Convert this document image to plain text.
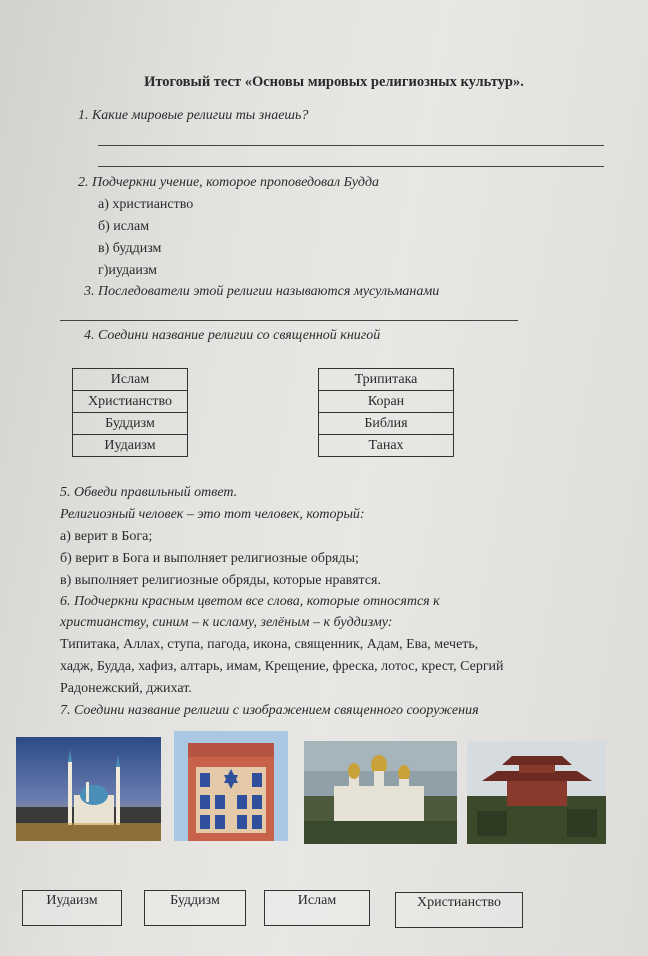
Итоговый тест «Основы мировых религиозных культур».
1. Какие мировые религии ты знаешь?
2. Подчеркни учение, которое проповедовал Будда
а) христианство
б) ислам
в) буддизм
г)иудаизм
3. Последователи этой религии называются мусульманами
4. Соедини название религии со священной книгой
Ислам
Христианство
Буддизм
Иудаизм
Трипитака
Коран
Библия
Танах
5. Обведи правильный ответ.
Религиозный человек – это тот человек, который:
а) верит в Бога;
б) верит в Бога и выполняет религиозные обряды;
в) выполняет религиозные обряды, которые нравятся.
6. Подчеркни красным цветом все слова, которые относятся к
христианству, синим – к исламу, зелёным – к буддизму:
Типитака, Аллах, ступа, пагода, икона, священник, Адам, Ева, мечеть,
хадж, Будда, хафиз, алтарь, имам, Крещение, фреска, лотос, крест, Сергий
Радонежский, джихат.
7. Соедини название религии с изображением священного сооружения
Иудаизм	Буддизм	Ислам	Христианство
